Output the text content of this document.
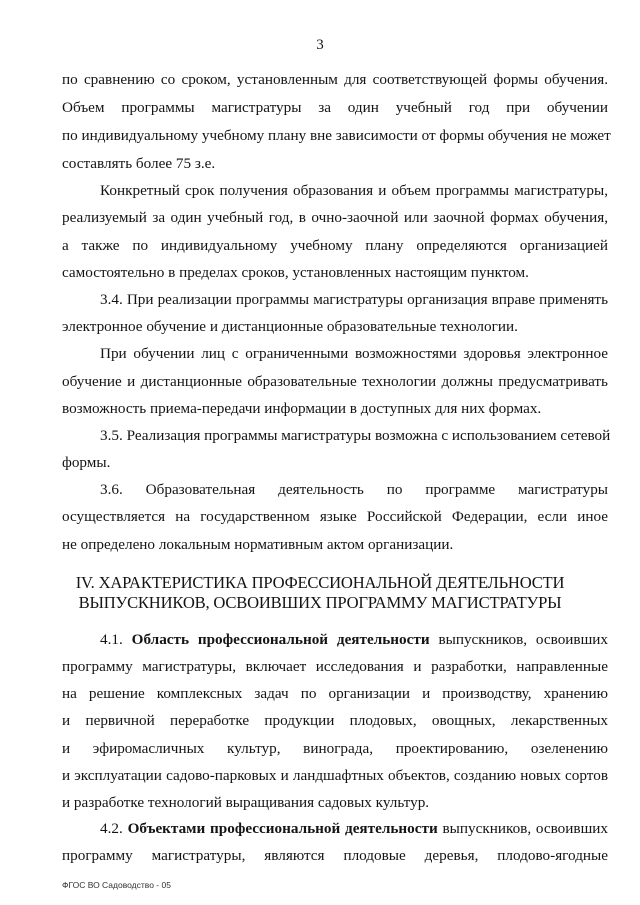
3
по сравнению со сроком, установленным для соответствующей формы обучения.
Объем программы магистратуры за один учебный год при обучении
по индивидуальному учебному плану вне зависимости от формы обучения не может
составлять более 75 з.е.
Конкретный срок получения образования и объем программы магистратуры,
реализуемый за один учебный год, в очно-заочной или заочной формах обучения,
а также по индивидуальному учебному плану определяются организацией
самостоятельно в пределах сроков, установленных настоящим пунктом.
3.4. При реализации программы магистратуры организация вправе применять
электронное обучение и дистанционные образовательные технологии.
При обучении лиц с ограниченными возможностями здоровья электронное
обучение и дистанционные образовательные технологии должны предусматривать
возможность приема-передачи информации в доступных для них формах.
3.5. Реализация программы магистратуры возможна с использованием сетевой
формы.
3.6. Образовательная деятельность по программе магистратуры
осуществляется на государственном языке Российской Федерации, если иное
не определено локальным нормативным актом организации.
IV. ХАРАКТЕРИСТИКА ПРОФЕССИОНАЛЬНОЙ ДЕЯТЕЛЬНОСТИ
ВЫПУСКНИКОВ, ОСВОИВШИХ ПРОГРАММУ МАГИСТРАТУРЫ
4.1. Область профессиональной деятельности выпускников, освоивших
программу магистратуры, включает исследования и разработки, направленные
на решение комплексных задач по организации и производству, хранению
и первичной переработке продукции плодовых, овощных, лекарственных
и эфиромасличных культур, винограда, проектированию, озеленению
и эксплуатации садово-парковых и ландшафтных объектов, созданию новых сортов
и разработке технологий выращивания садовых культур.
4.2. Объектами профессиональной деятельности выпускников, освоивших
программу магистратуры, являются плодовые деревья, плодово-ягодные
ФГОС ВО Садоводство - 05
